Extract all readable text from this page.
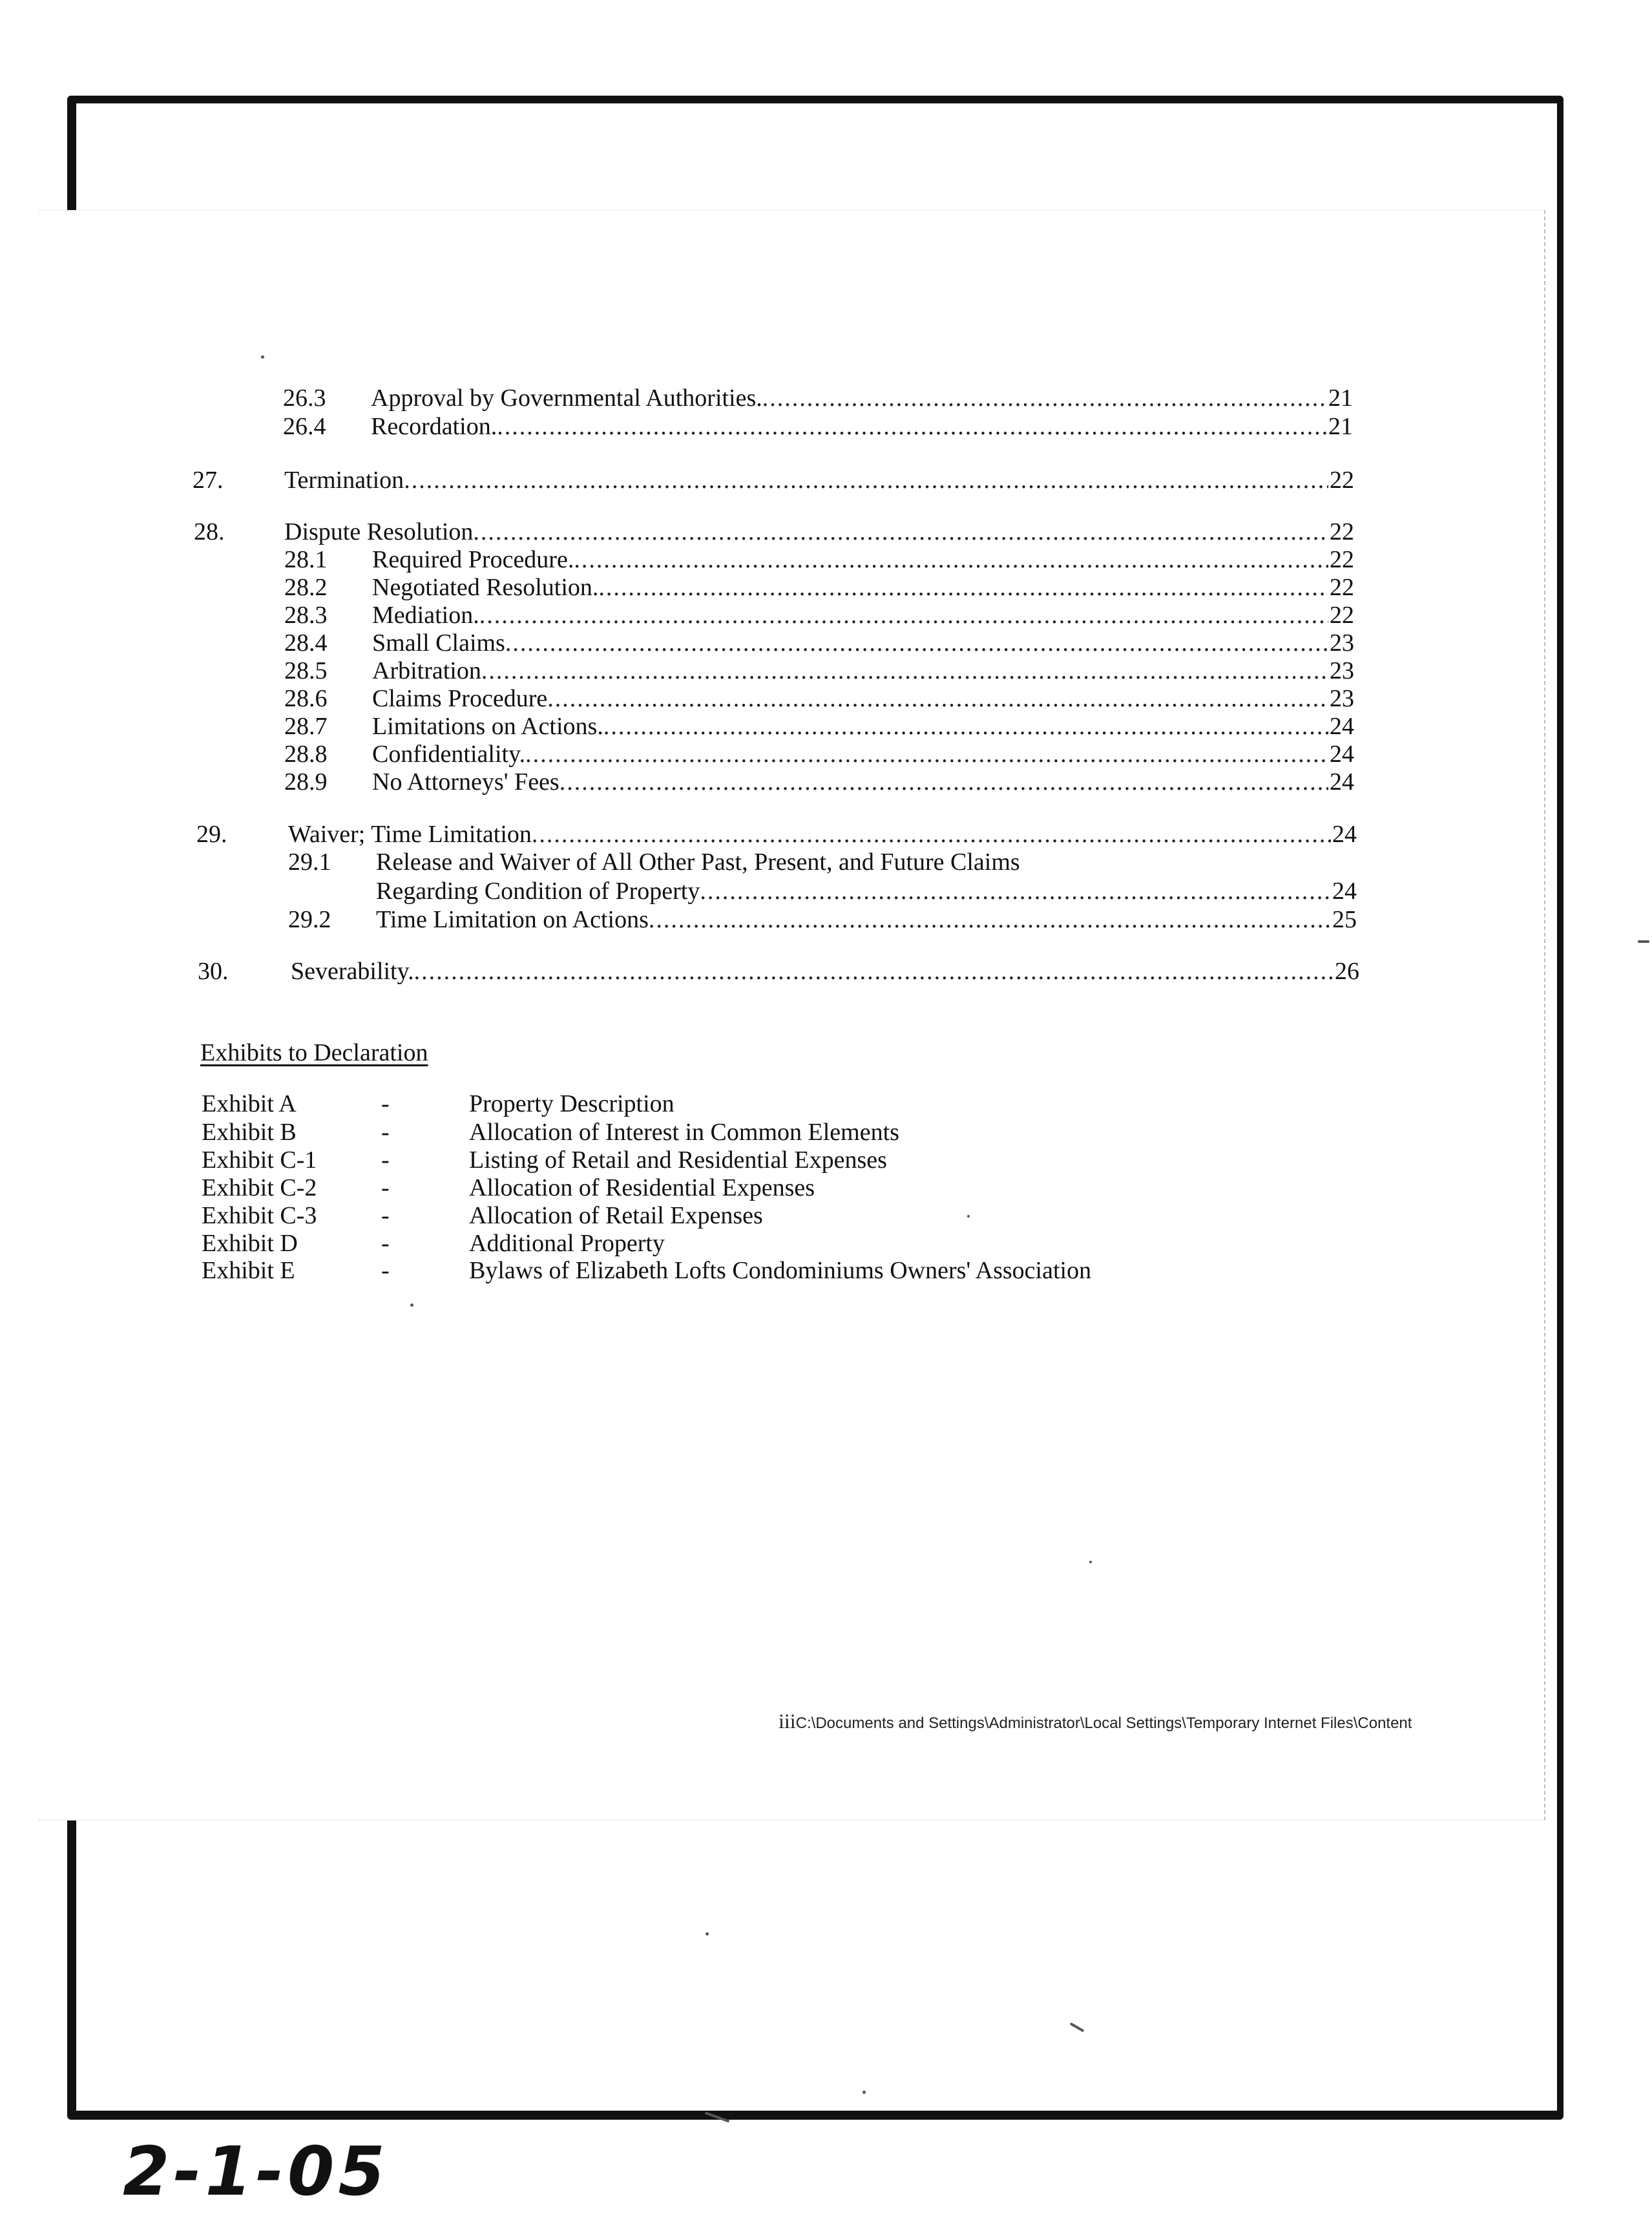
26.3	Approval by Governmental Authorities. .....	21
26.4	Recordation. .....	21
27.	Termination .....	22
28.	Dispute Resolution .....	22
28.1	Required Procedure. .....	22
28.2	Negotiated Resolution. .....	22
28.3	Mediation. .....	22
28.4	Small Claims .....	23
28.5	Arbitration .....	23
28.6	Claims Procedure .....	23
28.7	Limitations on Actions. .....	24
28.8	Confidentiality. .....	24
28.9	No Attorneys' Fees .....	24
29.	Waiver; Time Limitation .....	24
29.1	Release and Waiver of All Other Past, Present, and Future Claims
Regarding Condition of Property .....	24
29.2	Time Limitation on Actions .....	25
30.	Severability. .....	26
Exhibits to Declaration
Exhibit A	-	Property Description
Exhibit B	-	Allocation of Interest in Common Elements
Exhibit C-1	-	Listing of Retail and Residential Expenses
Exhibit C-2	-	Allocation of Residential Expenses
Exhibit C-3	-	Allocation of Retail Expenses
Exhibit D	-	Additional Property
Exhibit E	-	Bylaws of Elizabeth Lofts Condominiums Owners' Association
iiiC:\Documents and Settings\Administrator\Local Settings\Temporary Internet Files\Content
2-1-05
